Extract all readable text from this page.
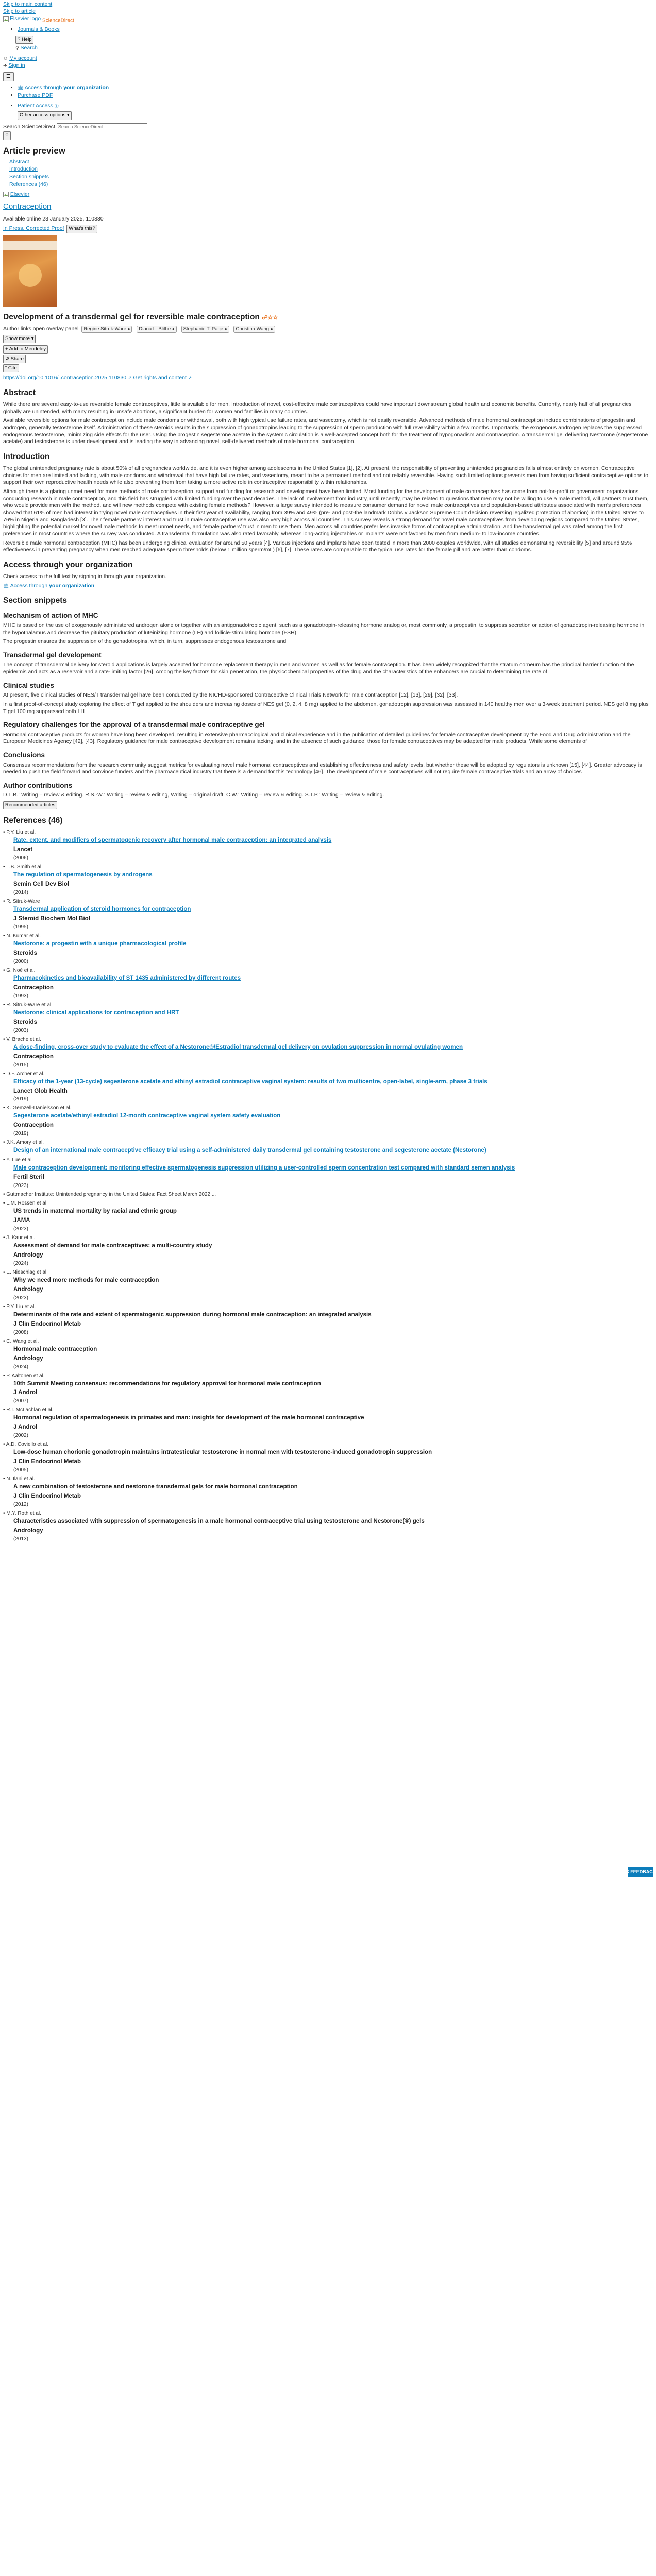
Skip to main content
Skip to article
Elsevier logo ScienceDirect
• Journals & Books
? Help
⚲ Search
☺ My account
➜ Sign in
☰
• 🏛 Access through your organization
• Purchase PDF
• Patient Access ⓘ
Other access options ▾
Search ScienceDirect Search ScienceDirect
⚲
Article preview
Abstract
Introduction
Section snippets
References (46)
Elsevier
Contraception

Available online 23 January 2025, 110830

In Press, Corrected Proof What's this?
Development of a transdermal gel for reversible male contraception ☍☆☆
Author links open overlay panel Regine Sitruk-Ware ● Diana L. Blithe ● Stephanie T. Page ● Christina Wang ●
Show more ▾
+ Add to Mendeley
↺ Share
“ Cite
https://doi.org/10.1016/j.contraception.2025.110830 ↗ Get rights and content ↗
Abstract

While there are several easy-to-use reversible female contraceptives, little is available for men. Introduction of novel, cost-effective male contraceptives could have important downstream global health and economic benefits. Currently, nearly half of all pregnancies globally are unintended, with many resulting in unsafe abortions, a significant burden for women and families in many countries.

Available reversible options for male contraception include male condoms or withdrawal, both with high typical use failure rates, and vasectomy, which is not easily reversible. Advanced methods of male hormonal contraception include combinations of progestin and androgen, generally testosterone itself. Administration of these steroids results in the suppression of gonadotropins leading to the suppression of sperm production with full reversibility within a few months. Importantly, the exogenous androgen replaces the suppressed endogenous testosterone, minimizing side effects for the user. Using the progestin segesterone acetate in the systemic circulation is a well-accepted concept both for the treatment of hypogonadism and contraception. A transdermal gel delivering Nestorone (segesterone acetate) and testosterone is under development and is leading the way in advancing novel, self-delivered methods of male hormonal contraception.

Introduction

The global unintended pregnancy rate is about 50% of all pregnancies worldwide, and it is even higher among adolescents in the United States [1], [2]. At present, the responsibility of preventing unintended pregnancies falls almost entirely on women. Contraceptive choices for men are limited and lacking, with male condoms and withdrawal that have high failure rates, and vasectomy, meant to be a permanent method and not reliably reversible. Having such limited options prevents men from having sufficient contraceptive options to support their own reproductive health needs while also preventing them from taking a more active role in contraceptive responsibility within relationships.

Although there is a glaring unmet need for more methods of male contraception, support and funding for research and development have been limited. Most funding for the development of male contraceptives has come from not-for-profit or government organizations conducting research in male contraception, and this field has struggled with limited funding over the past decades. The lack of involvement from industry, until recently, may be related to questions that men may not be willing to use a male method, will partners trust them, who would provide men with the method, and will new methods compete with existing female methods? However, a large survey intended to measure consumer demand for novel male contraceptives and population-based attributes associated with men's preferences showed that 61% of men had interest in trying novel male contraceptives in their first year of availability, ranging from 39% and 49% (pre- and post-the landmark Dobbs v Jackson Supreme Court decision reversing legalized protection of abortion) in the United States to 76% in Nigeria and Bangladesh [3]. Their female partners' interest and trust in male contraceptive use was also very high across all countries. This survey reveals a strong demand for novel male contraceptives from developing regions compared to the United States, highlighting the potential market for novel male methods to meet unmet needs, and female partners' trust in men to use them. Men across all countries prefer less invasive forms of contraceptive administration, and the transdermal gel was rated among the first preferences in most countries where the survey was conducted. A transdermal formulation was also rated favorably, whereas long-acting injectables or implants were not favored by men from medium- to low-income countries.

Reversible male hormonal contraception (MHC) has been undergoing clinical evaluation for around 50 years [4]. Various injections and implants have been tested in more than 2000 couples worldwide, with all studies demonstrating reversibility [5] and around 95% effectiveness in preventing pregnancy when men reached adequate sperm thresholds (below 1 million sperm/mL) [6], [7]. These rates are comparable to the typical use rates for the female pill and are better than condoms.

Access through your organization

Check access to the full text by signing in through your organization.

🏛 Access through your organization
Section snippets
Mechanism of action of MHC

MHC is based on the use of exogenously administered androgen alone or together with an antigonadotropic agent, such as a gonadotropin-releasing hormone analog or, most commonly, a progestin, to suppress secretion or action of gonadotropin-releasing hormone in the hypothalamus and decrease the pituitary production of luteinizing hormone (LH) and follicle-stimulating hormone (FSH).

The progestin ensures the suppression of the gonadotropins, which, in turn, suppresses endogenous testosterone and

Transdermal gel development

The concept of transdermal delivery for steroid applications is largely accepted for hormone replacement therapy in men and women as well as for female contraception. It has been widely recognized that the stratum corneum has the principal barrier function of the epidermis and acts as a reservoir and a rate-limiting factor [26]. Among the key factors for skin penetration, the physicochemical properties of the drug and the characteristics of the enhancers are crucial to determining the rate of

Clinical studies

At present, five clinical studies of NES/T transdermal gel have been conducted by the NICHD-sponsored Contraceptive Clinical Trials Network for male contraception [12], [13], [29], [32], [33].

In a first proof-of-concept study exploring the effect of T gel applied to the shoulders and increasing doses of NES gel (0, 2, 4, 8 mg) applied to the abdomen, gonadotropin suppression was assessed in 140 healthy men over a 3-week treatment period. NES gel 8 mg plus T gel 100 mg suppressed both LH

Regulatory challenges for the approval of a transdermal male contraceptive gel

Hormonal contraceptive products for women have long been developed, resulting in extensive pharmacological and clinical experience and in the publication of detailed guidelines for female contraceptive development by the Food and Drug Administration and the European Medicines Agency [42], [43]. Regulatory guidance for male contraceptive development remains lacking, and in the absence of such guidance, those for female contraceptives may be adapted for male products. While some elements of

Conclusions

Consensus recommendations from the research community suggest metrics for evaluating novel male hormonal contraceptives and establishing effectiveness and safety levels, but whether these will be adopted by regulators is unknown [15], [44]. Greater advocacy is needed to push the field forward and convince funders and the pharmaceutical industry that there is a demand for this technology [46]. The development of male contraceptives will not require female contraceptive trials and an array of choices

Author contributions

D.L.B.: Writing – review & editing. R.S.-W.: Writing – review & editing, Writing – original draft. C.W.: Writing – review & editing. S.T.P.: Writing – review & editing.

Recommended articles
References (46)
• P.Y. Liu et al.
Rate, extent, and modifiers of spermatogenic recovery after hormonal male contraception: an integrated analysis
Lancet
(2006)
• L.B. Smith et al.
The regulation of spermatogenesis by androgens
Semin Cell Dev Biol
(2014)
• R. Sitruk-Ware
Transdermal application of steroid hormones for contraception
J Steroid Biochem Mol Biol
(1995)
• N. Kumar et al.
Nestorone: a progestin with a unique pharmacological profile
Steroids
(2000)
• G. Noé et al.
Pharmacokinetics and bioavailability of ST 1435 administered by different routes
Contraception
(1993)
• R. Sitruk-Ware et al.
Nestorone: clinical applications for contraception and HRT
Steroids
(2003)
• V. Brache et al.
A dose-finding, cross-over study to evaluate the effect of a Nestorone®/Estradiol transdermal gel delivery on ovulation suppression in normal ovulating women
Contraception
(2015)
• D.F. Archer et al.
Efficacy of the 1-year (13-cycle) segesterone acetate and ethinyl estradiol contraceptive vaginal system: results of two multicentre, open-label, single-arm, phase 3 trials
Lancet Glob Health
(2019)
• K. Gemzell-Danielsson et al.
Segesterone acetate/ethinyl estradiol 12-month contraceptive vaginal system safety evaluation
Contraception
(2019)
• J.K. Amory et al.
Design of an international male contraceptive efficacy trial using a self-administered daily transdermal gel containing testosterone and segesterone acetate (Nestorone)
• Y. Lue et al.
Male contraception development: monitoring effective spermatogenesis suppression utilizing a user-controlled sperm concentration test compared with standard semen analysis
Fertil Steril
(2023)
• Guttmacher Institute: Unintended pregnancy in the United States: Fact Sheet March 2022....
• L.M. Rossen et al.
US trends in maternal mortality by racial and ethnic group
JAMA
(2023)
• J. Kaur et al.
Assessment of demand for male contraceptives: a multi-country study
Andrology
(2024)
• E. Nieschlag et al.
Why we need more methods for male contraception
Andrology
(2023)
• P.Y. Liu et al.
Determinants of the rate and extent of spermatogenic suppression during hormonal male contraception: an integrated analysis
J Clin Endocrinol Metab
(2008)
• C. Wang et al.
Hormonal male contraception
Andrology
(2024)
• P. Aaltonen et al.
10th Summit Meeting consensus: recommendations for regulatory approval for hormonal male contraception
J Androl
(2007)
• R.I. McLachlan et al.
Hormonal regulation of spermatogenesis in primates and man: insights for development of the male hormonal contraceptive
J Androl
(2002)
• A.D. Coviello et al.
Low-dose human chorionic gonadotropin maintains intratesticular testosterone in normal men with testosterone-induced gonadotropin suppression
J Clin Endocrinol Metab
(2005)
• N. Ilani et al.
A new combination of testosterone and nestorone transdermal gels for male hormonal contraception
J Clin Endocrinol Metab
(2012)
• M.Y. Roth et al.
Characteristics associated with suppression of spermatogenesis in a male hormonal contraceptive trial using testosterone and Nestorone(®) gels
Andrology
(2013)
✉ FEEDBACK
